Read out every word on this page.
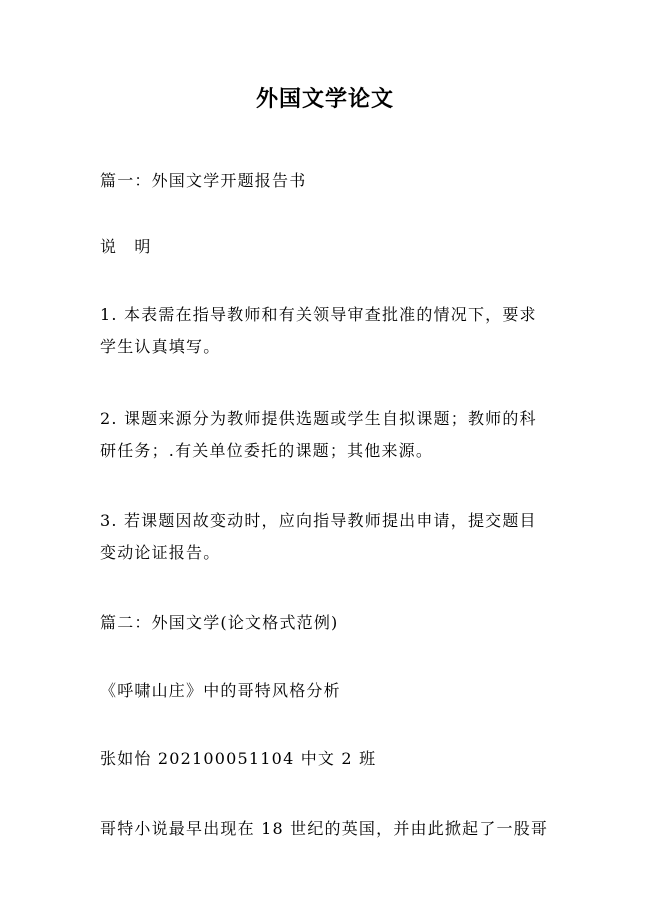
外国文学论文
篇一：外国文学开题报告书
说　明
1. 本表需在指导教师和有关领导审查批准的情况下，要求
学生认真填写。
2. 课题来源分为教师提供选题或学生自拟课题；教师的科
研任务；.有关单位委托的课题；其他来源。
3. 若课题因故变动时，应向指导教师提出申请，提交题目
变动论证报告。
篇二：外国文学(论文格式范例)
《呼啸山庄》中的哥特风格分析
张如怡 202100051104 中文 2 班
哥特小说最早出现在 18 世纪的英国，并由此掀起了一股哥
